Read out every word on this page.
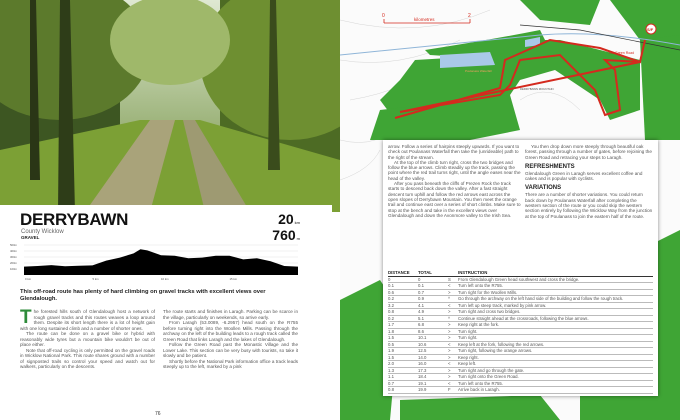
DERRYBAWN
County Wicklow
GRAVEL
20km
760m
100m
200m
300m
400m
500m
0 km	5 km	10 km	15 km
This off-road route has plenty of hard climbing on gravel tracks with excellent views over Glendalough.

The forested hills south of Glendalough host a network of rough gravel tracks and this routes weaves a loop around them. Despite its short length there is a lot of height gain with one long sustained climb and a number of shorter ones.

The route can be done on a gravel bike or hybrid with reasonably wide tyres but a mountain bike wouldn't be out of place either.

Note that off-road cycling is only permitted on the gravel roads in Wicklow National Park. This route shares ground with a number of signposted trails so control your speed and watch out for walkers, particularly on the descents.

The route starts and finishes in Laragh. Parking can be scarce in the village, particularly on weekends, so arrive early.

From Laragh (53.0089, -6.2957) head south on the R755 before turning right into the Woollen Mills. Passing through the archway on the left of the building leads to a rough track called the Green Road that links Laragh and the lakes of Glendalough.

Follow the Green Road past the Monastic Village and the Lower Lake. This section can be very busy with tourists, so take it slowly and be patient.

Shortly before the National Park information office a track leads steeply up to the left, marked by a pink

76
0	2
kilometres
S/F
The Green Road
Poulanass Waterfall
DERRYBAWN MOUNTAIN

arrow. Follow a series of hairpins steeply upwards. If you want to check out Poulanass Waterfall then take the (unrideable) path to the right of the stream.

At the top of the climb turn right, cross the two bridges and follow the blue arrows. Climb steadily up the track, passing the point where the red trail turns right, until the angle eases near the head of the valley.

After you pass beneath the cliffs of Prezen Rock the track starts to descend back down the valley. After a fast straight descent turn uphill and follow the red arrows east across the open slopes of Derrybawn Mountain. You then meet the orange trail and continue east over a series of short climbs. Make sure to stop at the bench and take in the excellent views over Glendalough and down the Avonmore valley to the Irish Sea.

You then drop down more steeply through beautiful oak forest, passing through a number of gates, before rejoining the Green Road and retracing your steps to Laragh.

REFRESHMENTS

Glendalough Green in Laragh serves excellent coffee and cakes and is popular with cyclists.

VARIATIONS

There are a number of shorter variations. You could return back down by Poulanass Waterfall after completing the western section of the route or you could skip the western section entirely by following the Wicklow Way from the junction at the top of Poulanass to join the eastern half of the route.

DISTANCE	TOTAL		INSTRUCTION
0	0	S	From Glendalough Green head southwest and cross the bridge.
0.1	0.1	<	Turn left onto the R755.
0.6	0.7	>	Turn right for the Woollen Mills.
0.2	0.9	^	Go through the archway on the left hand side of the building and follow the rough track.
3.2	4.1	<	Turn left up steep track, marked by pink arrow.
0.8	4.9	>	Turn right and cross two bridges.
0.2	5.1	^	Continue straight ahead at the crossroads, following the blue arrows.
1.7	6.8	>	Keep right at the fork.
1.8	8.6	>	Turn right.
1.5	10.1	>	Turn right.
0.5	10.6	<	Keep left at the fork, following the red arrows.
1.9	12.5	>	Turn right, following the orange arrows.
1.5	14.0	>	Keep right.
2.0	16.0	<	Keep left.
1.3	17.3	>	Turn right and go through the gate.
1.1	18.4	>	Turn right onto the Green Road.
0.7	19.1	<	Turn left onto the R755.
0.8	19.9	F	Arrive back in Laragh.
